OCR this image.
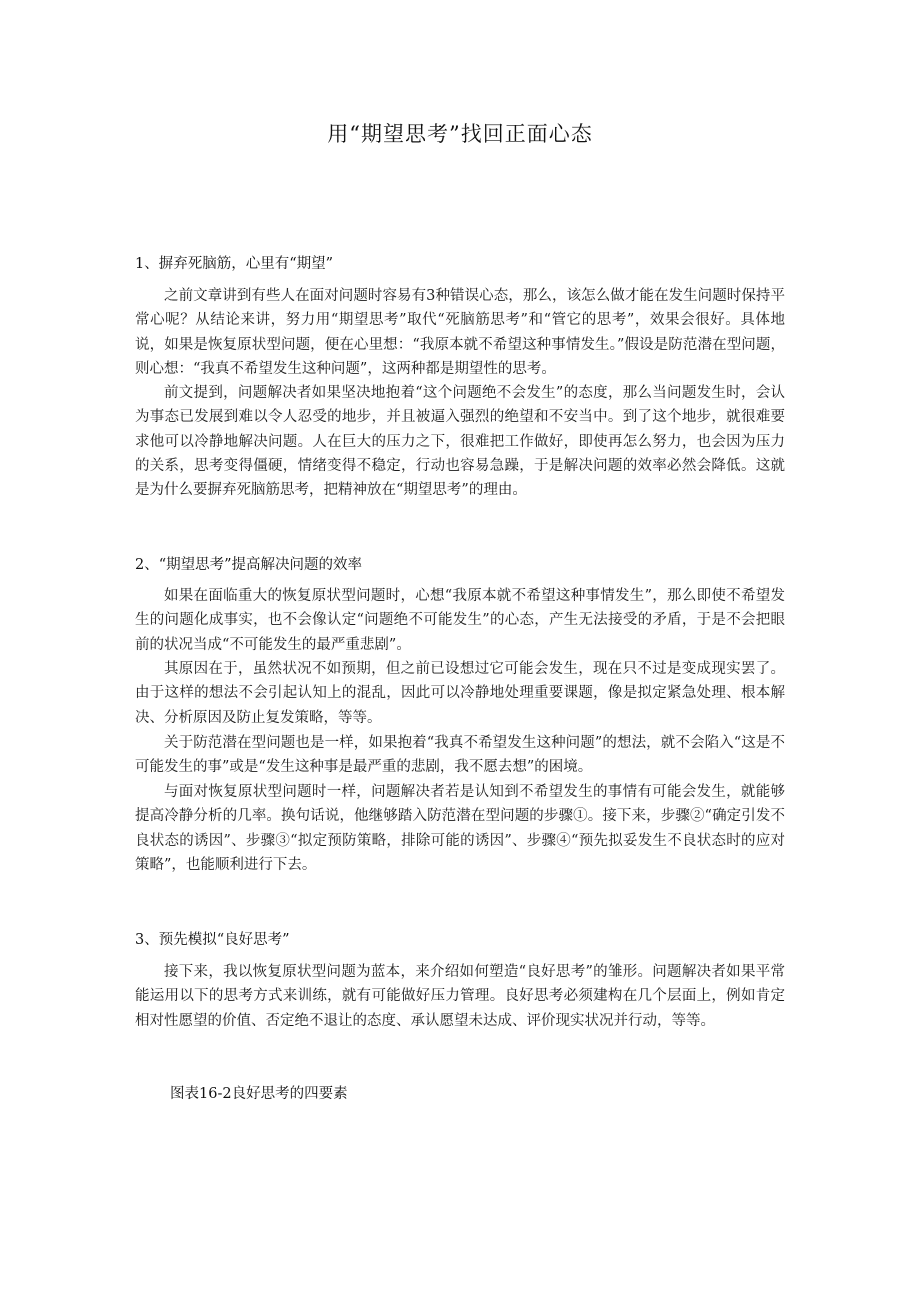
用“期望思考”找回正面心态
1、摒弃死脑筋，心里有“期望”
之前文章讲到有些人在面对问题时容易有3种错误心态，那么，该怎么做才能在发生问题时保持平常心呢？从结论来讲，努力用“期望思考”取代“死脑筋思考”和“管它的思考”，效果会很好。具体地说，如果是恢复原状型问题，便在心里想：“我原本就不希望这种事情发生。”假设是防范潜在型问题，则心想：“我真不希望发生这种问题”，这两种都是期望性的思考。
前文提到，问题解决者如果坚决地抱着“这个问题绝不会发生”的态度，那么当问题发生时，会认为事态已发展到难以令人忍受的地步，并且被逼入强烈的绝望和不安当中。到了这个地步，就很难要求他可以冷静地解决问题。人在巨大的压力之下，很难把工作做好，即使再怎么努力，也会因为压力的关系，思考变得僵硬，情绪变得不稳定，行动也容易急躁，于是解决问题的效率必然会降低。这就是为什么要摒弃死脑筋思考，把精神放在“期望思考”的理由。
2、“期望思考”提高解决问题的效率
如果在面临重大的恢复原状型问题时，心想“我原本就不希望这种事情发生”，那么即使不希望发生的问题化成事实，也不会像认定“问题绝不可能发生”的心态，产生无法接受的矛盾，于是不会把眼前的状况当成“不可能发生的最严重悲剧”。
其原因在于，虽然状况不如预期，但之前已设想过它可能会发生，现在只不过是变成现实罢了。由于这样的想法不会引起认知上的混乱，因此可以冷静地处理重要课题，像是拟定紧急处理、根本解决、分析原因及防止复发策略，等等。
关于防范潜在型问题也是一样，如果抱着“我真不希望发生这种问题”的想法，就不会陷入“这是不可能发生的事”或是“发生这种事是最严重的悲剧，我不愿去想”的困境。
与面对恢复原状型问题时一样，问题解决者若是认知到不希望发生的事情有可能会发生，就能够提高冷静分析的几率。换句话说，他继够踏入防范潜在型问题的步骤①。接下来，步骤②“确定引发不良状态的诱因”、步骤③“拟定预防策略，排除可能的诱因”、步骤④“预先拟妥发生不良状态时的应对策略”，也能顺利进行下去。
3、预先模拟“良好思考”
接下来，我以恢复原状型问题为蓝本，来介绍如何塑造“良好思考”的雏形。问题解决者如果平常能运用以下的思考方式来训练，就有可能做好压力管理。良好思考必须建构在几个层面上，例如肯定相对性愿望的价值、否定绝不退让的态度、承认愿望未达成、评价现实状况并行动，等等。
图表16-2良好思考的四要素
